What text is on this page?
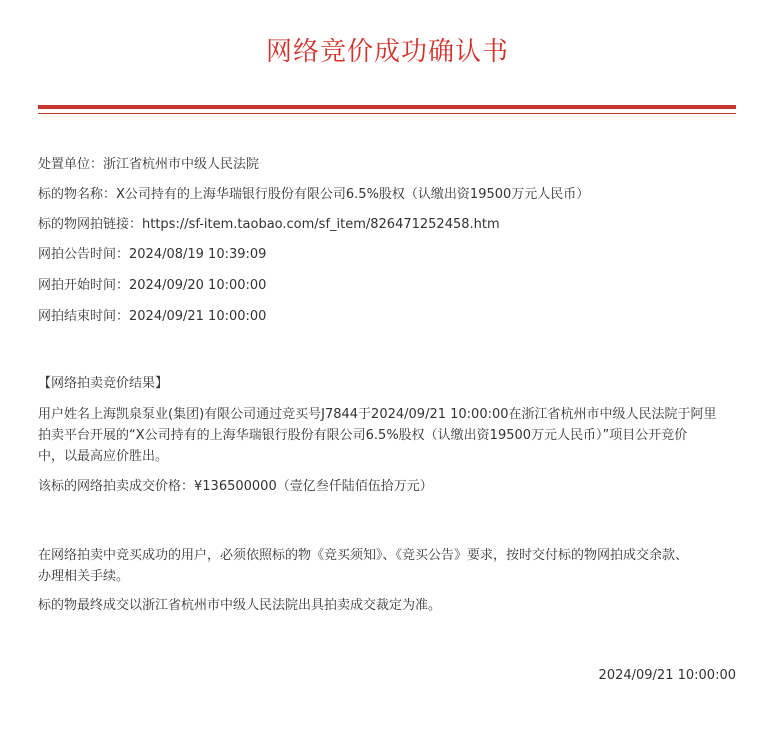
网络竞价成功确认书
处置单位：浙江省杭州市中级人民法院
标的物名称：X公司持有的上海华瑞银行股份有限公司6.5%股权（认缴出资19500万元人民币）
标的物网拍链接：https://sf-item.taobao.com/sf_item/826471252458.htm
网拍公告时间：2024/08/19 10:39:09
网拍开始时间：2024/09/20 10:00:00
网拍结束时间：2024/09/21 10:00:00
【网络拍卖竞价结果】
用户姓名上海凯泉泵业(集团)有限公司通过竞买号J7844于2024/09/21 10:00:00在浙江省杭州市中级人民法院于阿里
拍卖平台开展的“X公司持有的上海华瑞银行股份有限公司6.5%股权（认缴出资19500万元人民币）”项目公开竞价
中，以最高应价胜出。
该标的网络拍卖成交价格：¥136500000（壹亿叁仟陆佰伍拾万元）
在网络拍卖中竞买成功的用户，必须依照标的物《竞买须知》、《竞买公告》要求，按时交付标的物网拍成交余款、
办理相关手续。
标的物最终成交以浙江省杭州市中级人民法院出具拍卖成交裁定为准。
2024/09/21 10:00:00
